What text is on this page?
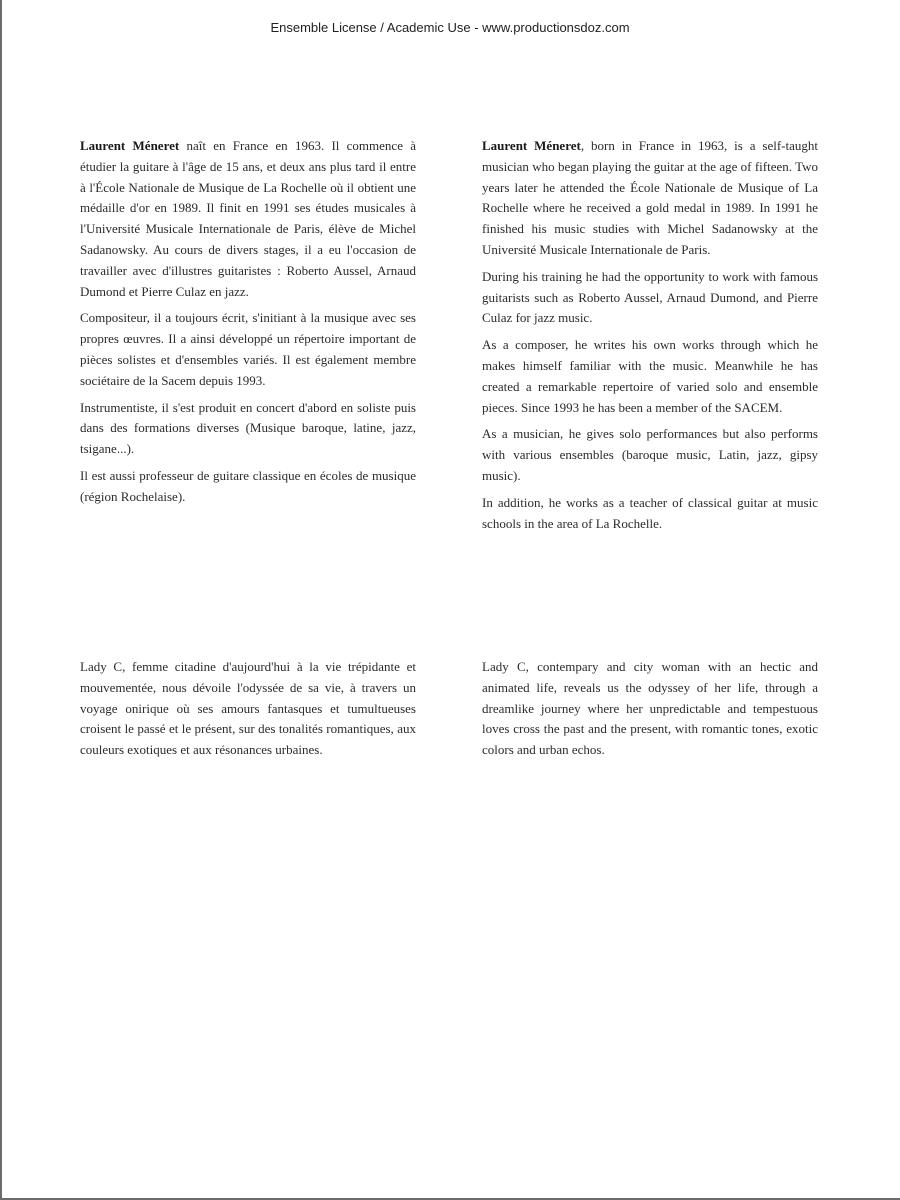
Ensemble License / Academic Use - www.productionsdoz.com

Laurent Méneret naît en France en 1963. Il commence à étudier la guitare à l'âge de 15 ans, et deux ans plus tard il entre à l'École Nationale de Musique de La Rochelle où il obtient une médaille d'or en 1989. Il finit en 1991 ses études musicales à l'Université Musicale Internationale de Paris, élève de Michel Sadanowsky. Au cours de divers stages, il a eu l'occasion de travailler avec d'illustres guitaristes : Roberto Aussel, Arnaud Dumond et Pierre Culaz en jazz.

Compositeur, il a toujours écrit, s'initiant à la musique avec ses propres œuvres. Il a ainsi développé un répertoire important de pièces solistes et d'ensembles variés. Il est également membre sociétaire de la Sacem depuis 1993.

Instrumentiste, il s'est produit en concert d'abord en soliste puis dans des formations diverses (Musique baroque, latine, jazz, tsigane...).

Il est aussi professeur de guitare classique en écoles de musique (région Rochelaise).

Laurent Méneret, born in France in 1963, is a self-taught musician who began playing the guitar at the age of fifteen. Two years later he attended the École Nationale de Musique of La Rochelle where he received a gold medal in 1989. In 1991 he finished his music studies with Michel Sadanowsky at the Université Musicale Internationale de Paris.

During his training he had the opportunity to work with famous guitarists such as Roberto Aussel, Arnaud Dumond, and Pierre Culaz for jazz music.

As a composer, he writes his own works through which he makes himself familiar with the music. Meanwhile he has created a remarkable repertoire of varied solo and ensemble pieces. Since 1993 he has been a member of the SACEM.

As a musician, he gives solo performances but also performs with various ensembles (baroque music, Latin, jazz, gipsy music).

In addition, he works as a teacher of classical guitar at music schools in the area of La Rochelle.

Lady C, femme citadine d'aujourd'hui à la vie trépidante et mouvementée, nous dévoile l'odyssée de sa vie, à travers un voyage onirique où ses amours fantasques et tumultueuses croisent le passé et le présent, sur des tonalités romantiques, aux couleurs exotiques et aux résonances urbaines.

Lady C, contempary and city woman with an hectic and animated life, reveals us the odyssey of her life, through a dreamlike journey where her unpredictable and tempestuous loves cross the past and the present, with romantic tones, exotic colors and urban echos.
